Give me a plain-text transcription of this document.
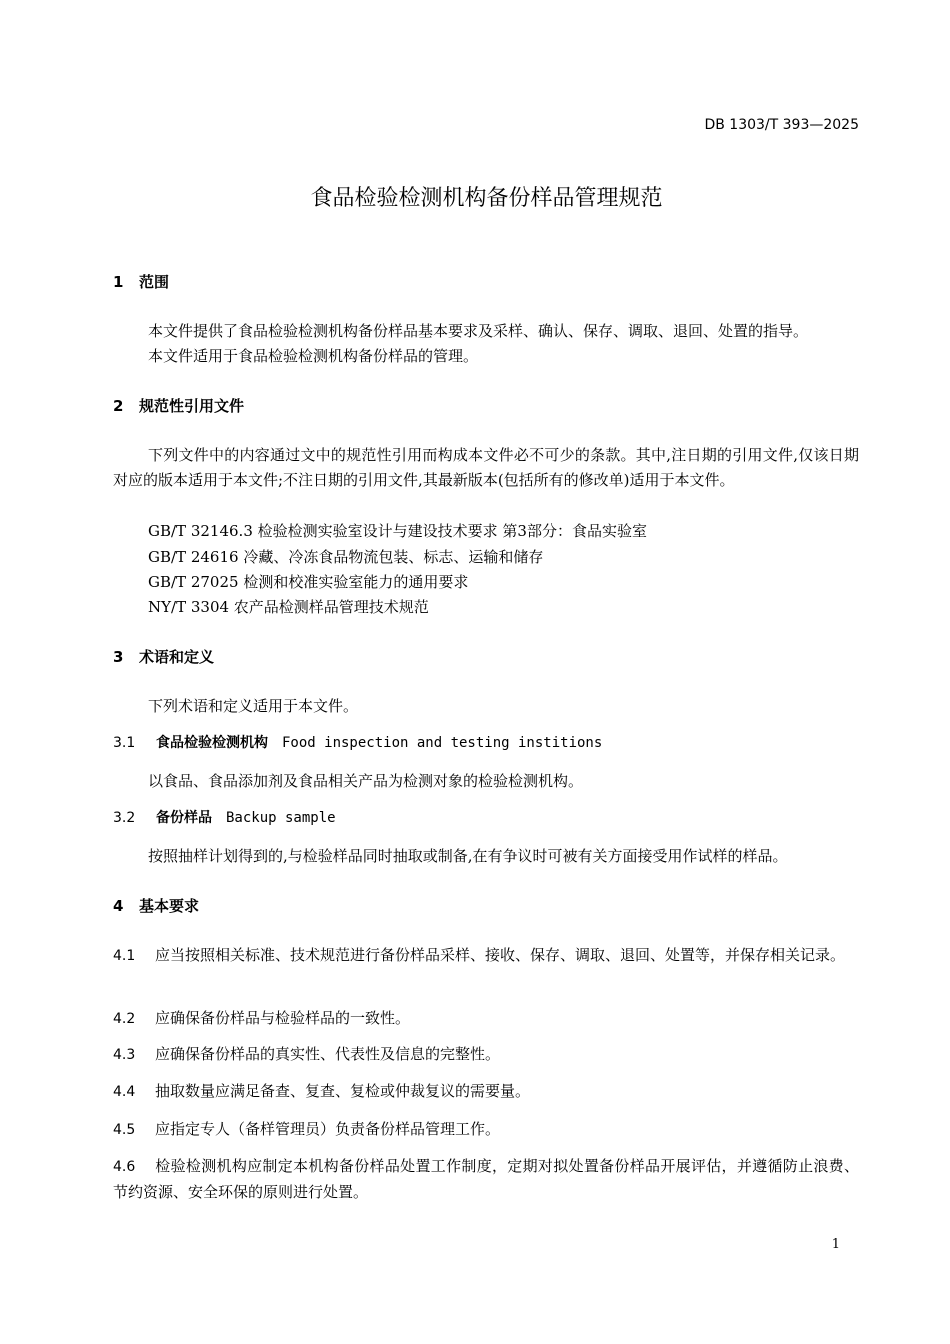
DB 1303/T 393—2025
食品检验检测机构备份样品管理规范
1 范围
本文件提供了食品检验检测机构备份样品基本要求及采样、确认、保存、调取、退回、处置的指导。
本文件适用于食品检验检测机构备份样品的管理。
2 规范性引用文件
下列文件中的内容通过文中的规范性引用而构成本文件必不可少的条款。其中,注日期的引用文件,仅该日期对应的版本适用于本文件;不注日期的引用文件,其最新版本(包括所有的修改单)适用于本文件。
GB/T 32146.3 检验检测实验室设计与建设技术要求 第3部分：食品实验室
GB/T 24616 冷藏、冷冻食品物流包装、标志、运输和储存
GB/T 27025 检测和校准实验室能力的通用要求
NY/T 3304 农产品检测样品管理技术规范
3 术语和定义
下列术语和定义适用于本文件。
3.1 食品检验检测机构 Food inspection and testing institions
以食品、食品添加剂及食品相关产品为检测对象的检验检测机构。
3.2 备份样品 Backup sample
按照抽样计划得到的,与检验样品同时抽取或制备,在有争议时可被有关方面接受用作试样的样品。
4 基本要求
4.1 应当按照相关标准、技术规范进行备份样品采样、接收、保存、调取、退回、处置等，并保存相关记录。
4.2 应确保备份样品与检验样品的一致性。
4.3 应确保备份样品的真实性、代表性及信息的完整性。
4.4 抽取数量应满足备查、复查、复检或仲裁复议的需要量。
4.5 应指定专人（备样管理员）负责备份样品管理工作。
4.6 检验检测机构应制定本机构备份样品处置工作制度，定期对拟处置备份样品开展评估，并遵循防止浪费、节约资源、安全环保的原则进行处置。
1
